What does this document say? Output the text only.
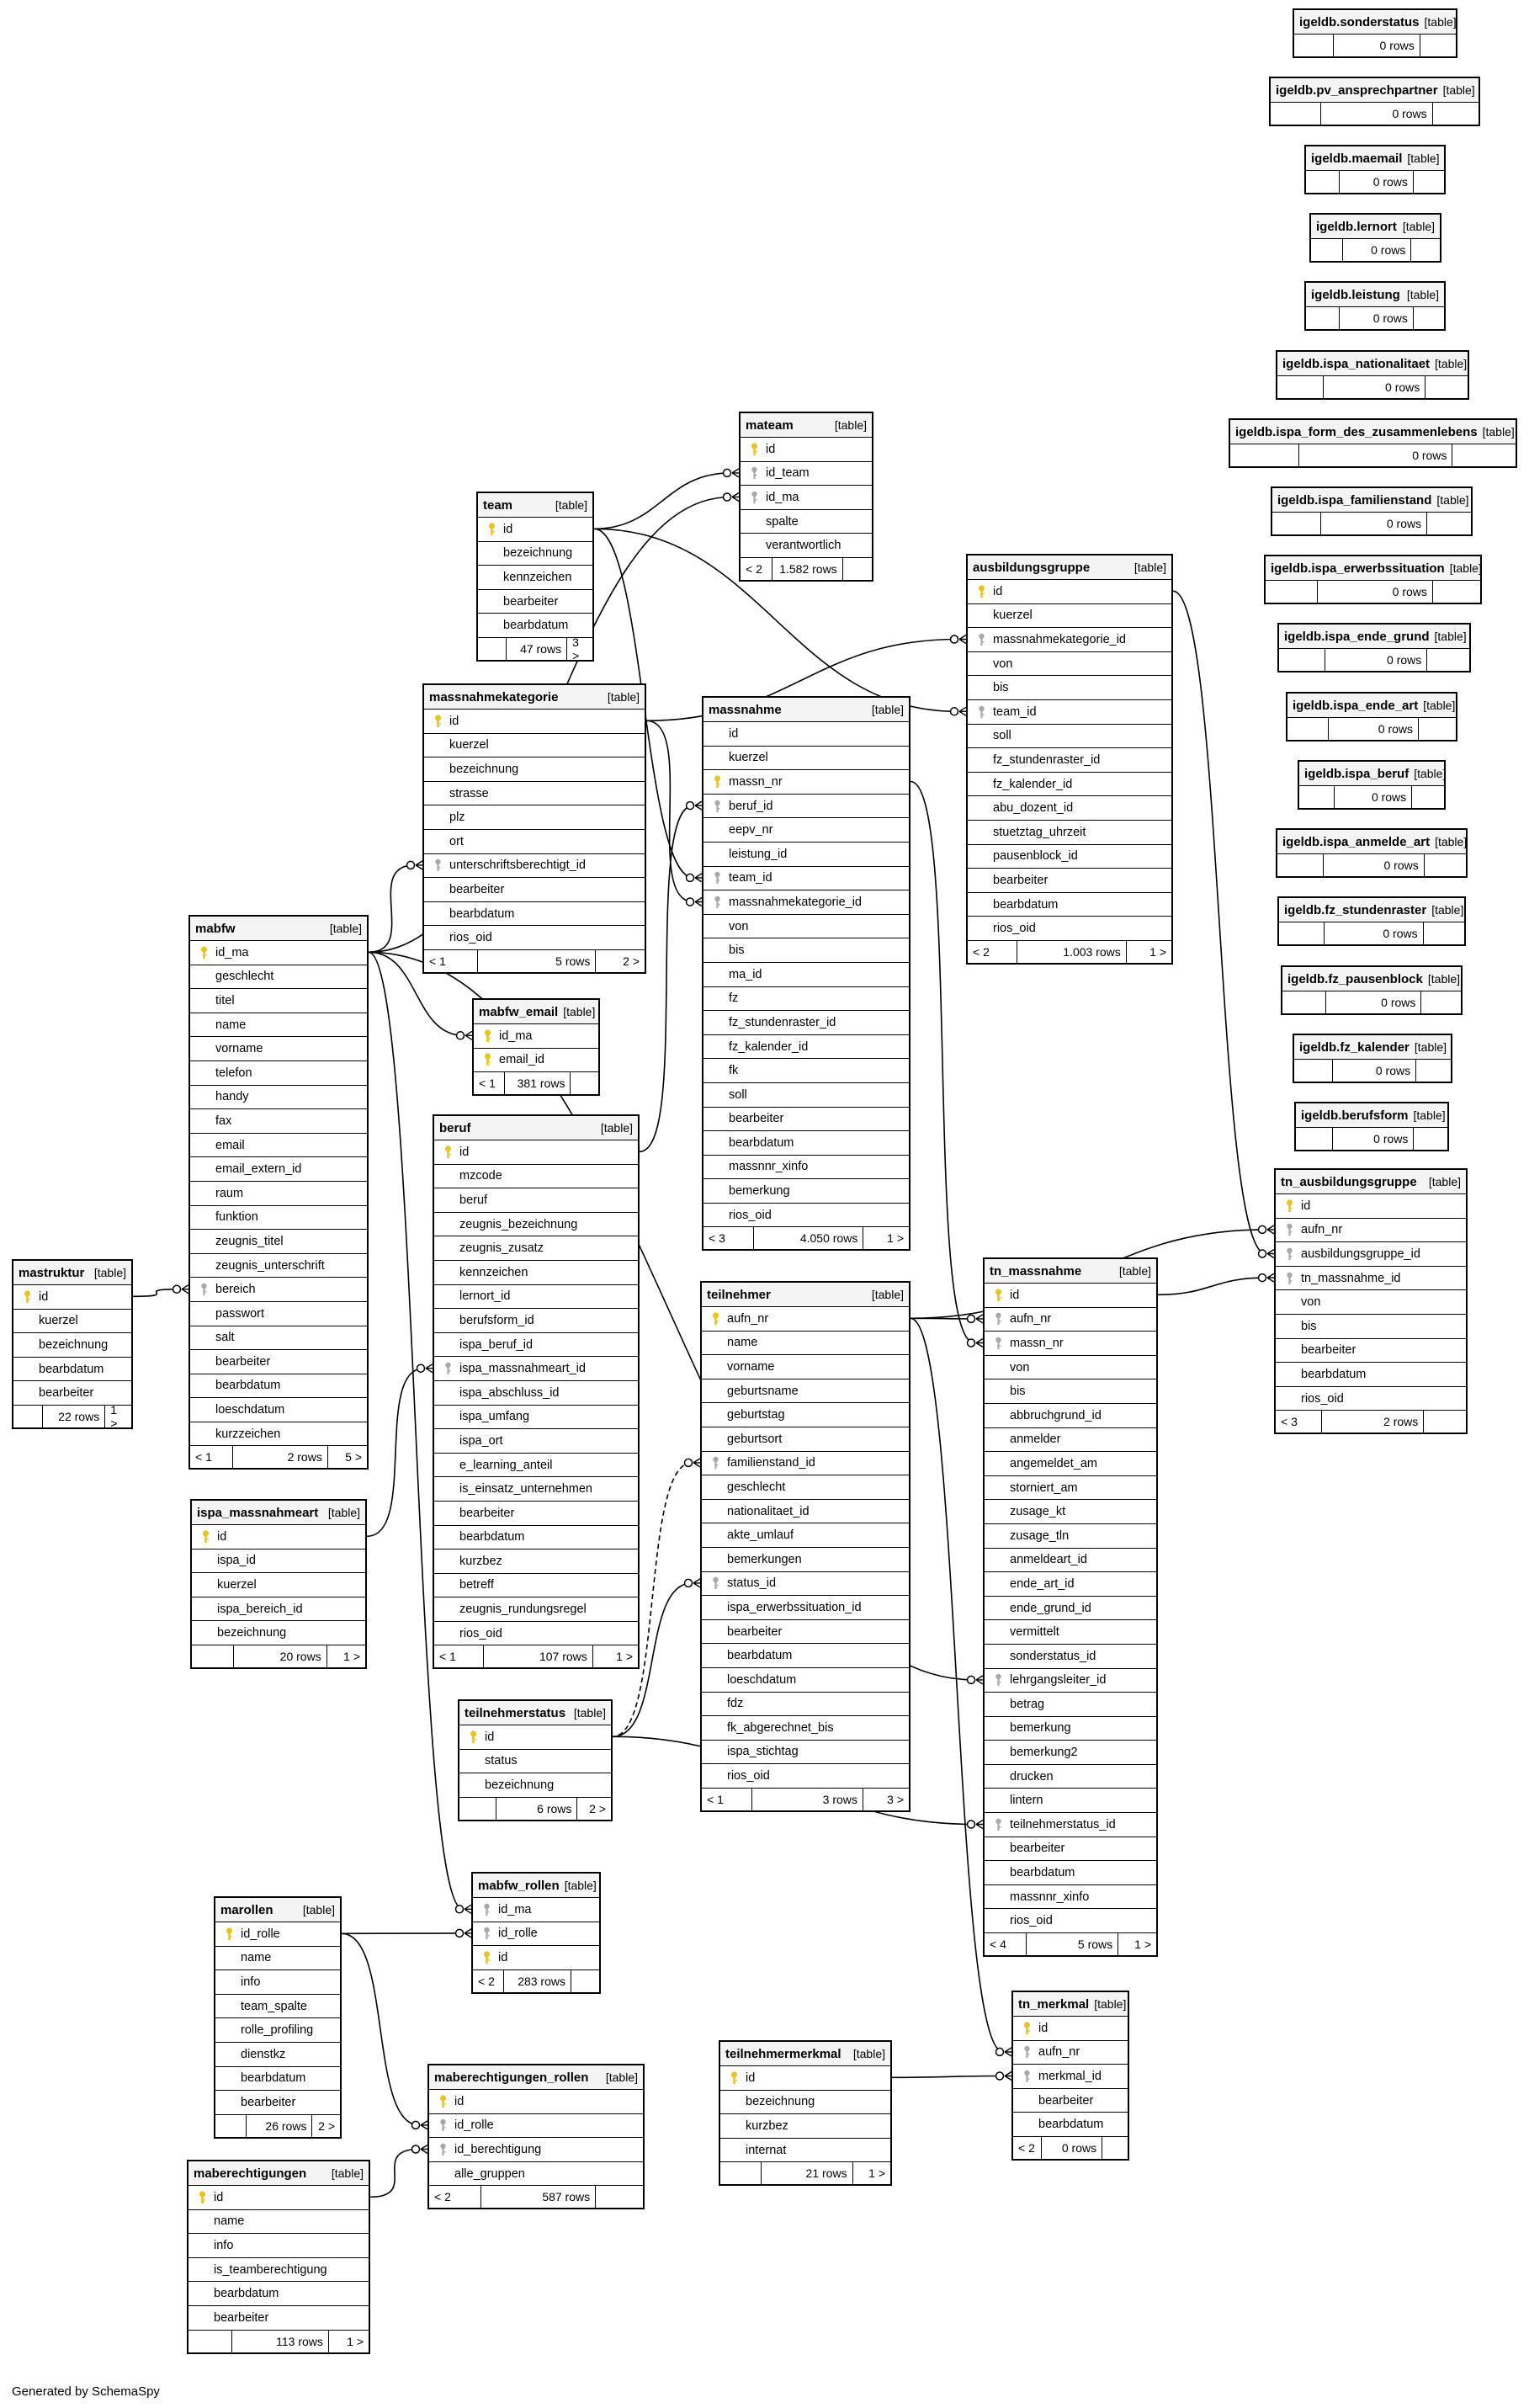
igeldb.sonderstatus [table]
0 rows
igeldb.pv_ansprechpartner [table]
0 rows
igeldb.maemail [table]
0 rows
igeldb.lernort [table]
0 rows
igeldb.leistung [table]
0 rows
igeldb.ispa_nationalitaet [table]
0 rows
igeldb.ispa_form_des_zusammenlebens [table]
0 rows
igeldb.ispa_familienstand [table]
0 rows
igeldb.ispa_erwerbssituation [table]
0 rows
igeldb.ispa_ende_grund [table]
0 rows
igeldb.ispa_ende_art [table]
0 rows
igeldb.ispa_beruf [table]
0 rows
igeldb.ispa_anmelde_art [table]
0 rows
igeldb.fz_stundenraster [table]
0 rows
igeldb.fz_pausenblock [table]
0 rows
igeldb.fz_kalender [table]
0 rows
igeldb.berufsform [table]
0 rows
mateam	[table]
id
id_team
id_ma
spalte
verantwortlich
< 2	1.582 rows
team	[table]
id
bezeichnung
kennzeichen
bearbeiter
bearbdatum
47 rows 3 >
ausbildungsgruppe	[table]
id
kuerzel
massnahmekategorie_id
von
bis
team_id
soll
fz_stundenraster_id
fz_kalender_id
abu_dozent_id
stuetztag_uhrzeit
pausenblock_id
bearbeiter
bearbdatum
rios_oid
< 2	1.003 rows	1 >
massnahmekategorie	[table]
id
kuerzel
bezeichnung
strasse
plz
ort
unterschriftsberechtigt_id
bearbeiter
bearbdatum
rios_oid
< 1	5 rows	2 >
massnahme	[table]
id
kuerzel
massn_nr
beruf_id
eepv_nr
leistung_id
team_id
massnahmekategorie_id
von
bis
ma_id
fz
fz_stundenraster_id
fz_kalender_id
fk
soll
bearbeiter
bearbdatum
massnnr_xinfo
bemerkung
rios_oid
< 3	4.050 rows	1 >
mabfw	[table]
id_ma
geschlecht
titel
name
vorname
telefon
handy
fax
email
email_extern_id
raum
funktion
zeugnis_titel
zeugnis_unterschrift
bereich
passwort
salt
bearbeiter
bearbdatum
loeschdatum
kurzzeichen
< 1	2 rows	5 >
mabfw_email [table]
id_ma
email_id
< 1	381 rows
beruf	[table]
id
mzcode
beruf
zeugnis_bezeichnung
zeugnis_zusatz
kennzeichen
lernort_id
berufsform_id
ispa_beruf_id
ispa_massnahmeart_id
ispa_abschluss_id
ispa_umfang
ispa_ort
e_learning_anteil
is_einsatz_unternehmen
bearbeiter
bearbdatum
kurzbez
betreff
zeugnis_rundungsregel
rios_oid
< 1	107 rows	1 >
mastruktur [table]
id
kuerzel
bezeichnung
bearbdatum
bearbeiter
22 rows 1 >
teilnehmer	[table]
aufn_nr
name
vorname
geburtsname
geburtstag
geburtsort
familienstand_id
geschlecht
nationalitaet_id
akte_umlauf
bemerkungen
status_id
ispa_erwerbssituation_id
bearbeiter
bearbdatum
loeschdatum
fdz
fk_abgerechnet_bis
ispa_stichtag
rios_oid
< 1	3 rows	3 >
tn_massnahme	[table]
id
aufn_nr
massn_nr
von
bis
abbruchgrund_id
anmelder
angemeldet_am
storniert_am
zusage_kt
zusage_tln
anmeldeart_id
ende_art_id
ende_grund_id
vermittelt
sonderstatus_id
lehrgangsleiter_id
betrag
bemerkung
bemerkung2
drucken
lintern
teilnehmerstatus_id
bearbeiter
bearbdatum
massnnr_xinfo
rios_oid
< 4	5 rows	1 >
tn_ausbildungsgruppe [table]
id
aufn_nr
ausbildungsgruppe_id
tn_massnahme_id
von
bis
bearbeiter
bearbdatum
rios_oid
< 3	2 rows
ispa_massnahmeart [table]
id
ispa_id
kuerzel
ispa_bereich_id
bezeichnung
20 rows	1 >
teilnehmerstatus [table]
id
status
bezeichnung
6 rows	2 >
mabfw_rollen [table]
id_ma
id_rolle
id
< 2	283 rows
marollen	[table]
id_rolle
name
info
team_spalte
rolle_profiling
dienstkz
bearbdatum
bearbeiter
26 rows 2 >
maberechtigungen_rollen [table]
id
id_rolle
id_berechtigung
alle_gruppen
< 2	587 rows
maberechtigungen [table]
id
name
info
is_teamberechtigung
bearbdatum
bearbeiter
113 rows	1 >
teilnehmermerkmal [table]
id
bezeichnung
kurzbez
internat
21 rows	1 >
tn_merkmal [table]
id
aufn_nr
merkmal_id
bearbeiter
bearbdatum
< 2	0 rows
Generated by SchemaSpy
